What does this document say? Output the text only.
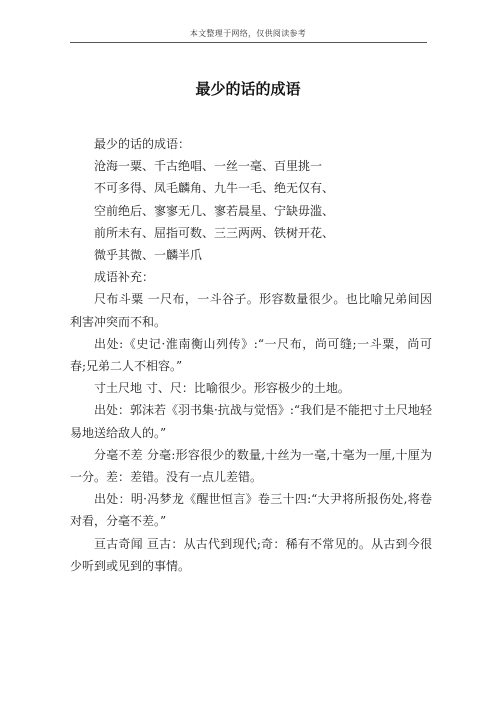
本文整理于网络，仅供阅读参考
最少的话的成语
最少的话的成语：
沧海一粟、千古绝唱、一丝一毫、百里挑一
不可多得、凤毛麟角、九牛一毛、绝无仅有、
空前绝后、寥寥无几、寥若晨星、宁缺毋滥、
前所未有、屈指可数、三三两两、铁树开花、
微乎其微、一麟半爪
成语补充：
尺布斗粟 一尺布，一斗谷子。形容数量很少。也比喻兄弟间因利害冲突而不和。
出处:《史记·淮南衡山列传》:“一尺布，尚可缝;一斗粟，尚可春;兄弟二人不相容。”
寸土尺地 寸、尺：比喻很少。形容极少的土地。
出处：郭沫若《羽书集·抗战与觉悟》:“我们是不能把寸土尺地轻易地送给敌人的。”
分毫不差 分毫:形容很少的数量,十丝为一毫,十毫为一厘,十厘为一分。差：差错。没有一点儿差错。
出处：明·冯梦龙《醒世恒言》卷三十四:“大尹将所报伤处,将卷对看，分毫不差。”
亘古奇闻 亘古：从古代到现代;奇：稀有不常见的。从古到今很少听到或见到的事情。
